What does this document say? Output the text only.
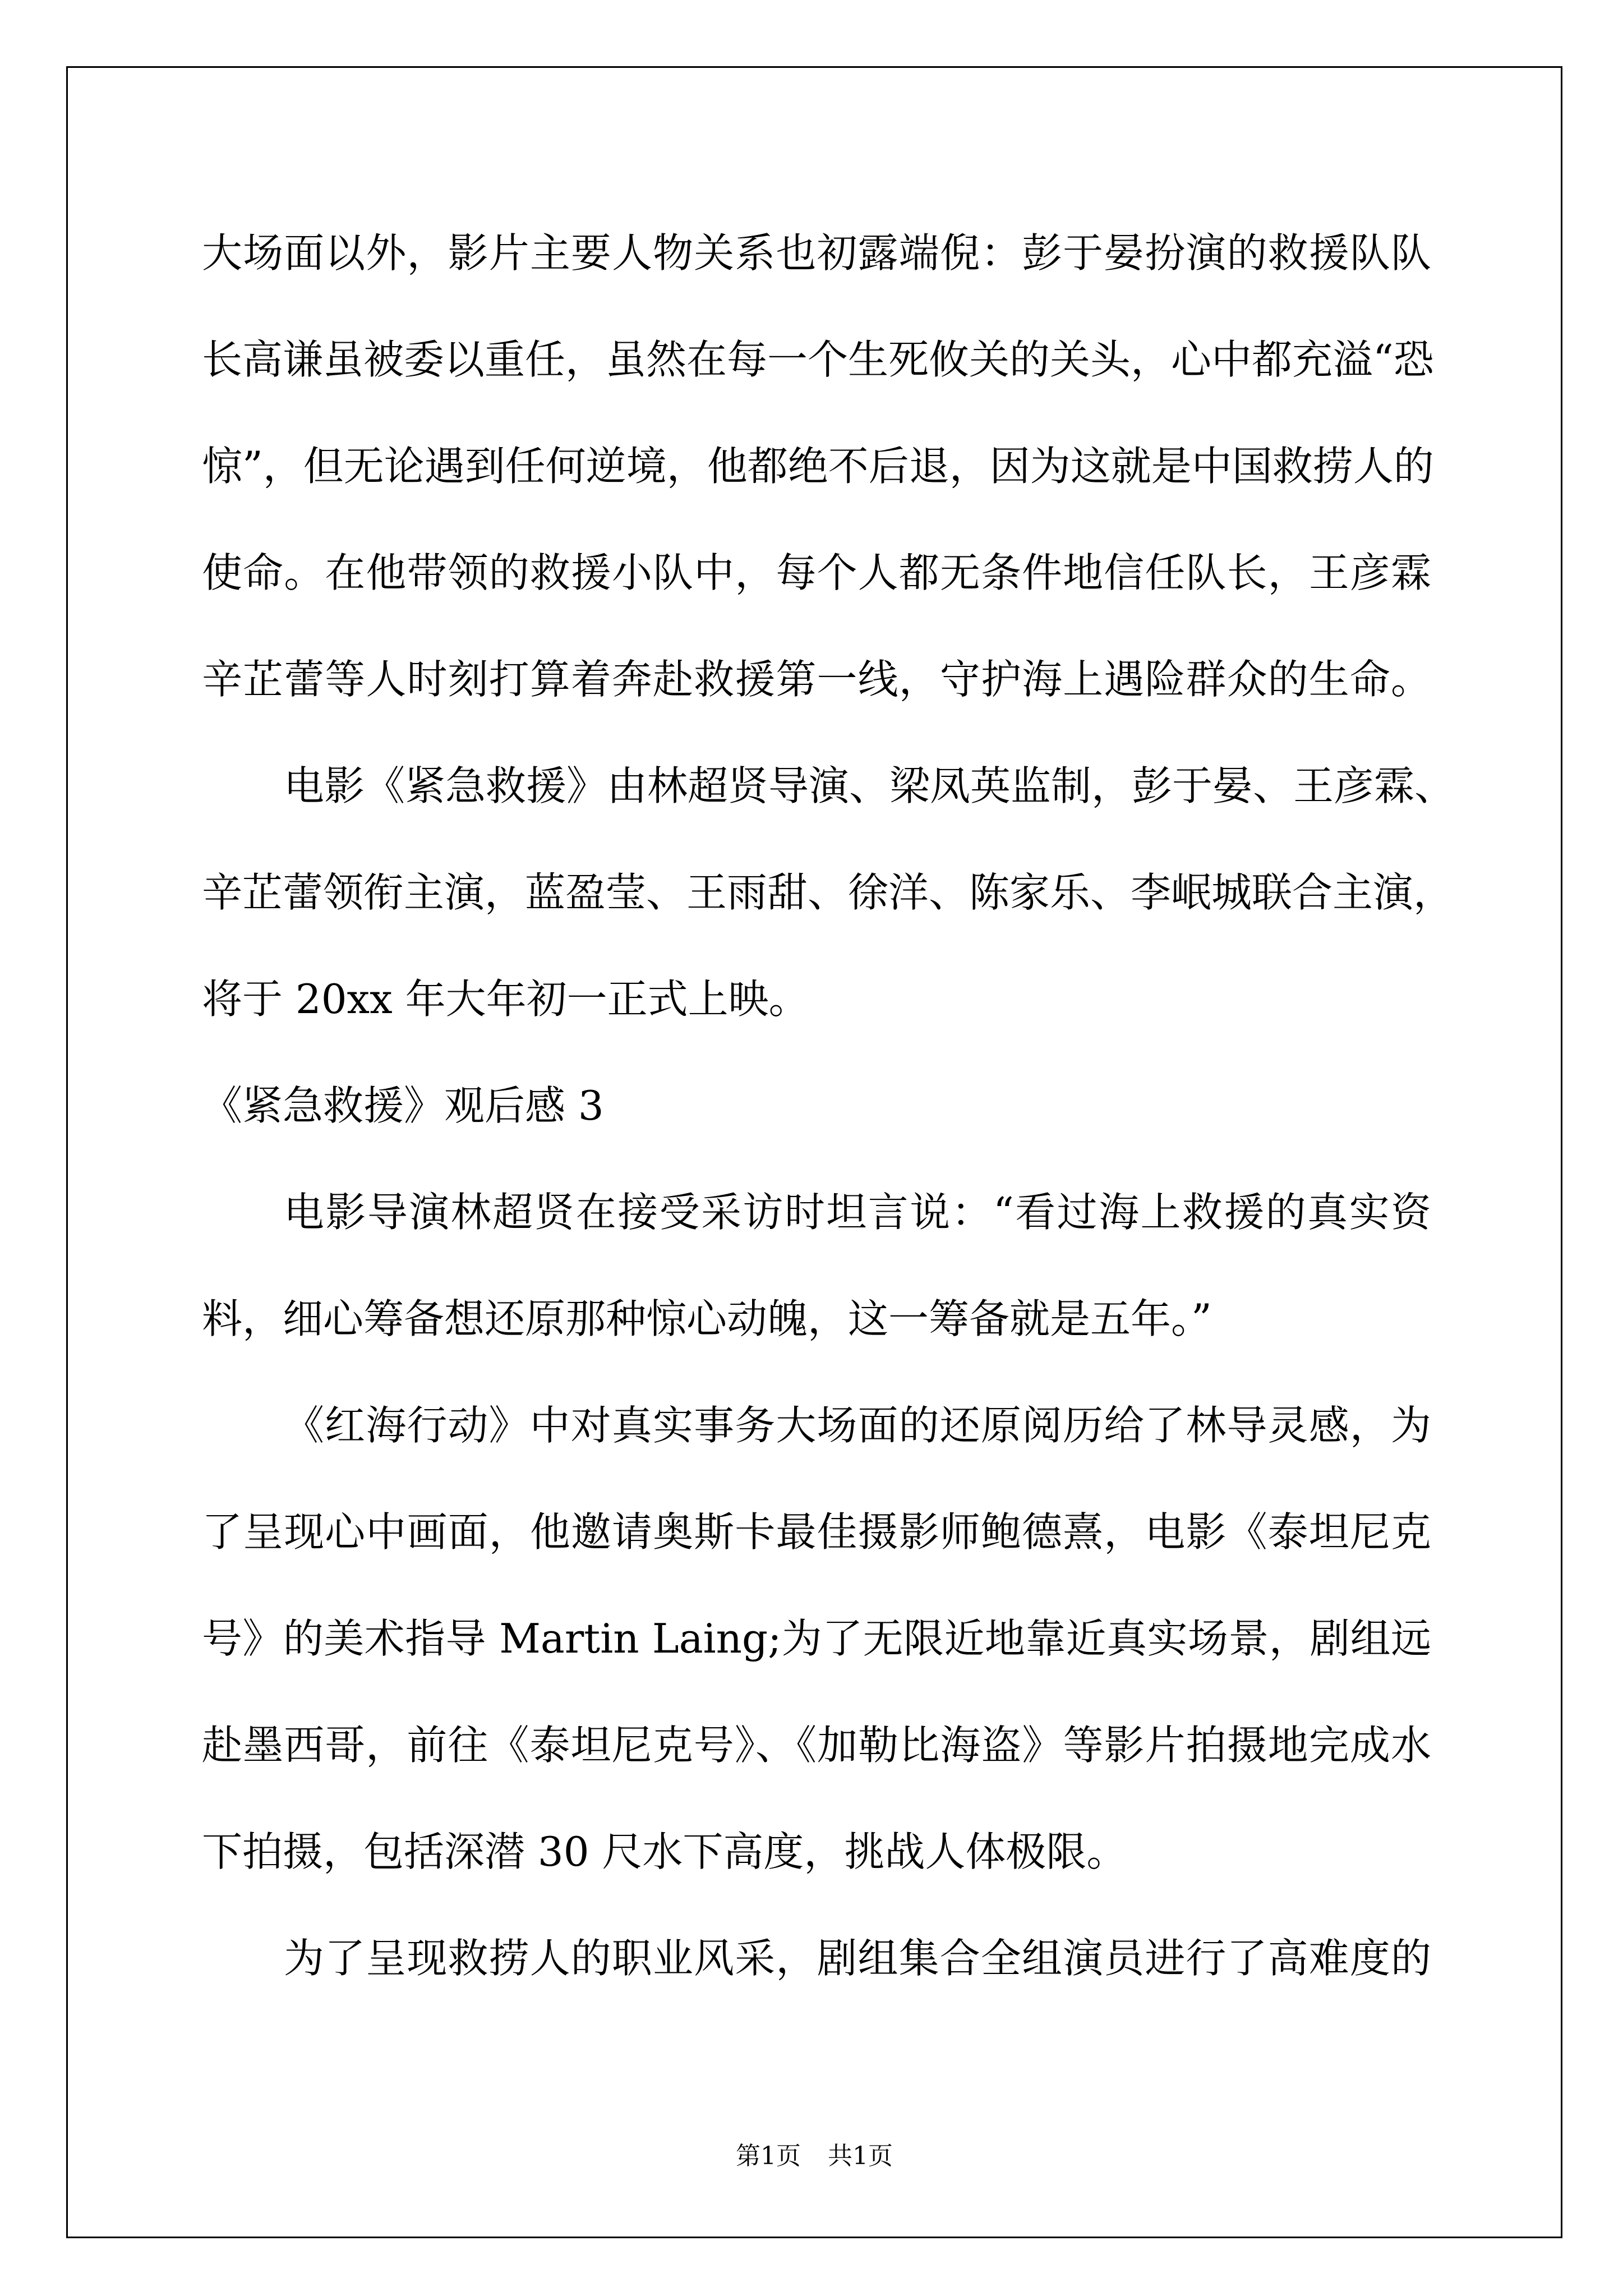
大场面以外，影片主要人物关系也初露端倪：彭于晏扮演的救援队队
长高谦虽被委以重任，虽然在每一个生死攸关的关头，心中都充溢“恐
惊”，但无论遇到任何逆境，他都绝不后退，因为这就是中国救捞人的
使命。在他带领的救援小队中，每个人都无条件地信任队长，王彦霖
辛芷蕾等人时刻打算着奔赴救援第一线，守护海上遇险群众的生命。
电影《紧急救援》由林超贤导演、梁凤英监制，彭于晏、王彦霖、
辛芷蕾领衔主演，蓝盈莹、王雨甜、徐洋、陈家乐、李岷城联合主演，
将于 20xx 年大年初一正式上映。
《紧急救援》观后感 3
电影导演林超贤在接受采访时坦言说：“看过海上救援的真实资
料，细心筹备想还原那种惊心动魄，这一筹备就是五年。”
《红海行动》中对真实事务大场面的还原阅历给了林导灵感，为
了呈现心中画面，他邀请奥斯卡最佳摄影师鲍德熹，电影《泰坦尼克
号》的美术指导 Martin Laing;为了无限近地靠近真实场景，剧组远
赴墨西哥，前往《泰坦尼克号》、《加勒比海盗》等影片拍摄地完成水
下拍摄，包括深潜 30 尺水下高度，挑战人体极限。
为了呈现救捞人的职业风采，剧组集合全组演员进行了高难度的
第1页 共1页
